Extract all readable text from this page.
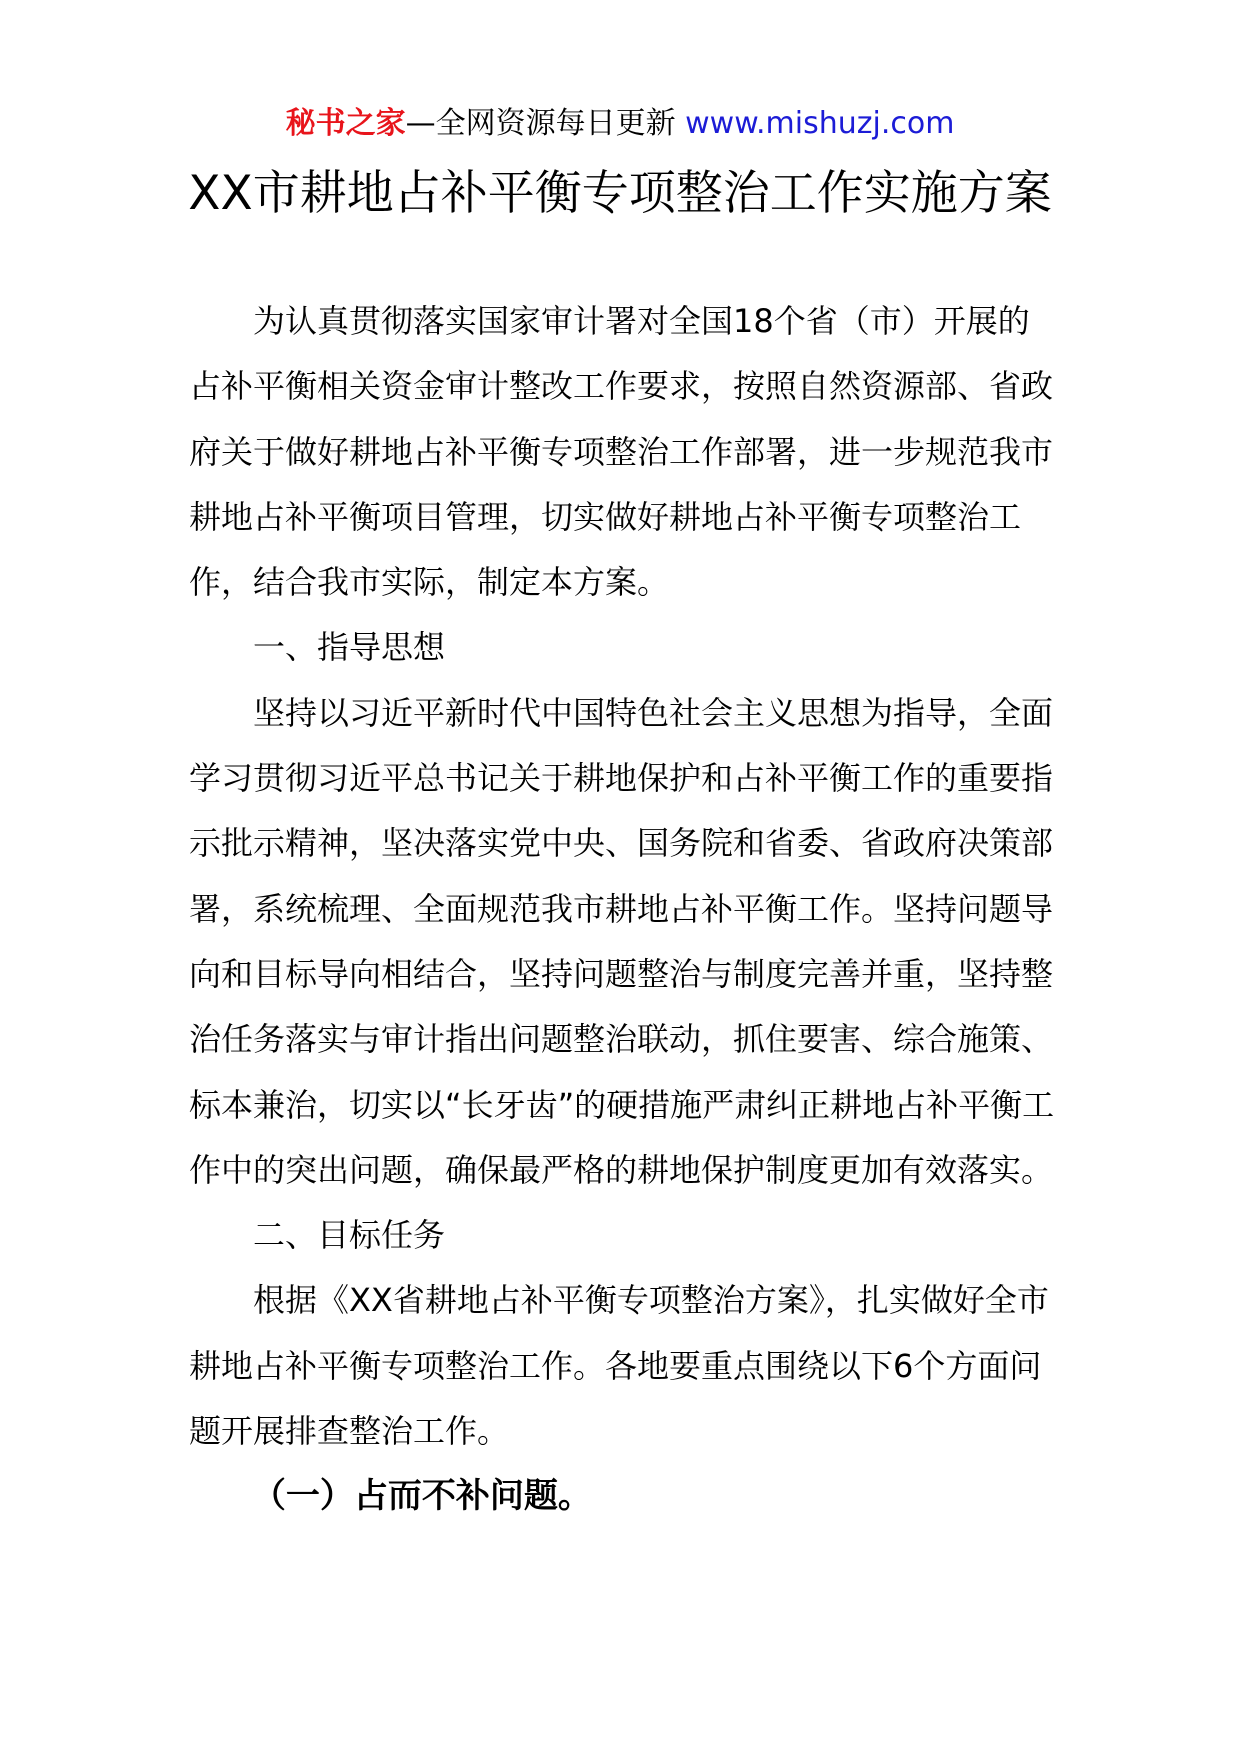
秘书之家—全网资源每日更新 www.mishuzj.com
XX市耕地占补平衡专项整治工作实施方案

为认真贯彻落实国家审计署对全国18个省（市）开展的占补平衡相关资金审计整改工作要求，按照自然资源部、省政府关于做好耕地占补平衡专项整治工作部署，进一步规范我市耕地占补平衡项目管理，切实做好耕地占补平衡专项整治工作，结合我市实际，制定本方案。

一、指导思想

坚持以习近平新时代中国特色社会主义思想为指导，全面学习贯彻习近平总书记关于耕地保护和占补平衡工作的重要指示批示精神，坚决落实党中央、国务院和省委、省政府决策部署，系统梳理、全面规范我市耕地占补平衡工作。坚持问题导向和目标导向相结合，坚持问题整治与制度完善并重，坚持整治任务落实与审计指出问题整治联动，抓住要害、综合施策、标本兼治，切实以“长牙齿”的硬措施严肃纠正耕地占补平衡工作中的突出问题，确保最严格的耕地保护制度更加有效落实。

二、目标任务

根据《XX省耕地占补平衡专项整治方案》，扎实做好全市耕地占补平衡专项整治工作。各地要重点围绕以下6个方面问题开展排查整治工作。

（一）占而不补问题。
